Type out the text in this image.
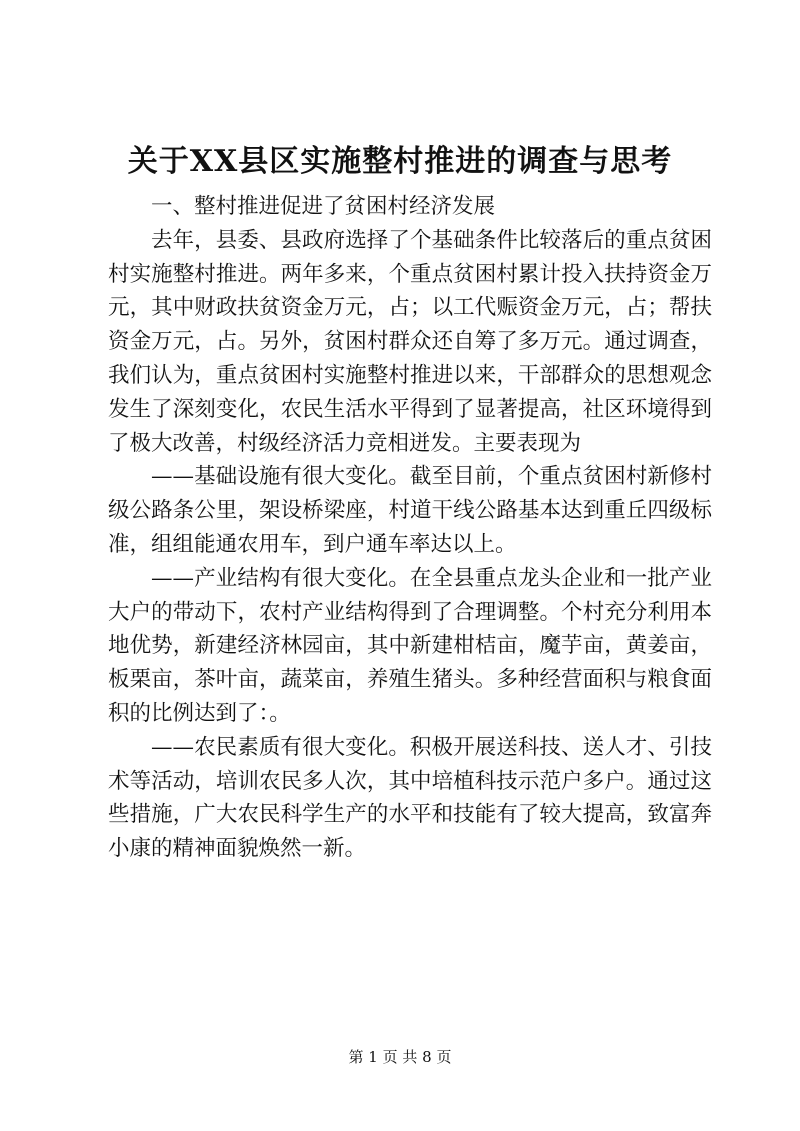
关于XX县区实施整村推进的调查与思考

一、整村推进促进了贫困村经济发展

去年，县委、县政府选择了个基础条件比较落后的重点贫困村实施整村推进。两年多来，个重点贫困村累计投入扶持资金万元，其中财政扶贫资金万元，占；以工代赈资金万元，占；帮扶资金万元，占。另外，贫困村群众还自筹了多万元。通过调查，我们认为，重点贫困村实施整村推进以来，干部群众的思想观念发生了深刻变化，农民生活水平得到了显著提高，社区环境得到了极大改善，村级经济活力竞相迸发。主要表现为

——基础设施有很大变化。截至目前，个重点贫困村新修村级公路条公里，架设桥梁座，村道干线公路基本达到重丘四级标准，组组能通农用车，到户通车率达以上。

——产业结构有很大变化。在全县重点龙头企业和一批产业大户的带动下，农村产业结构得到了合理调整。个村充分利用本地优势，新建经济林园亩，其中新建柑桔亩，魔芋亩，黄姜亩，板栗亩，茶叶亩，蔬菜亩，养殖生猪头。多种经营面积与粮食面积的比例达到了：。

——农民素质有很大变化。积极开展送科技、送人才、引技术等活动，培训农民多人次，其中培植科技示范户多户。通过这些措施，广大农民科学生产的水平和技能有了较大提高，致富奔小康的精神面貌焕然一新。

第 1 页 共 8 页
